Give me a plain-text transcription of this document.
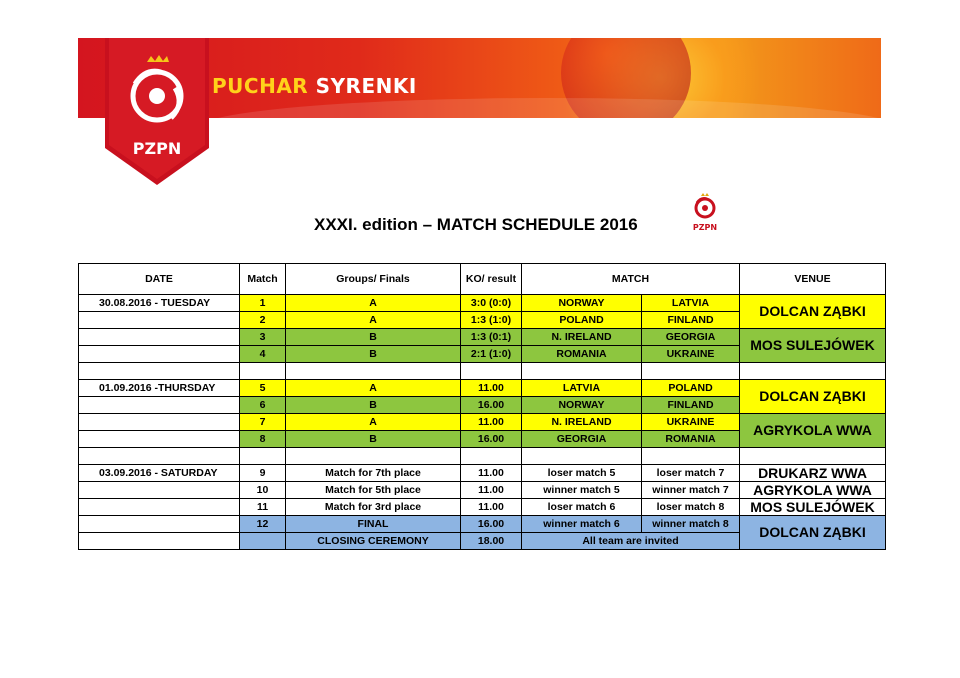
PZPN
PUCHAR SYRENKI
XXXI. edition – MATCH SCHEDULE 2016	PZPN
DATE	Match	Groups/ Finals	KO/ result	MATCH		VENUE
30.08.2016 - TUESDAY	1	A	3:0 (0:0)	NORWAY	LATVIA	DOLCAN ZĄBKI
	2	A	1:3 (1:0)	POLAND	FINLAND	
	3	B	1:3 (0:1)	N. IRELAND	GEORGIA	MOS SULEJÓWEK
	4	B	2:1 (1:0)	ROMANIA	UKRAINE	

01.09.2016 -THURSDAY	5	A	11.00	LATVIA	POLAND	DOLCAN ZĄBKI
	6	B	16.00	NORWAY	FINLAND	
	7	A	11.00	N. IRELAND	UKRAINE	AGRYKOLA WWA
	8	B	16.00	GEORGIA	ROMANIA	

03.09.2016 - SATURDAY	9	Match for 7th place	11.00	loser match 5	loser match 7	DRUKARZ WWA
	10	Match for 5th place	11.00	winner match 5	winner match 7	AGRYKOLA WWA
	11	Match for 3rd place	11.00	loser match 6	loser match 8	MOS SULEJÓWEK
	12	FINAL	16.00	winner match 6	winner match 8	DOLCAN ZĄBKI
		CLOSING CEREMONY	18.00	All team are invited		
